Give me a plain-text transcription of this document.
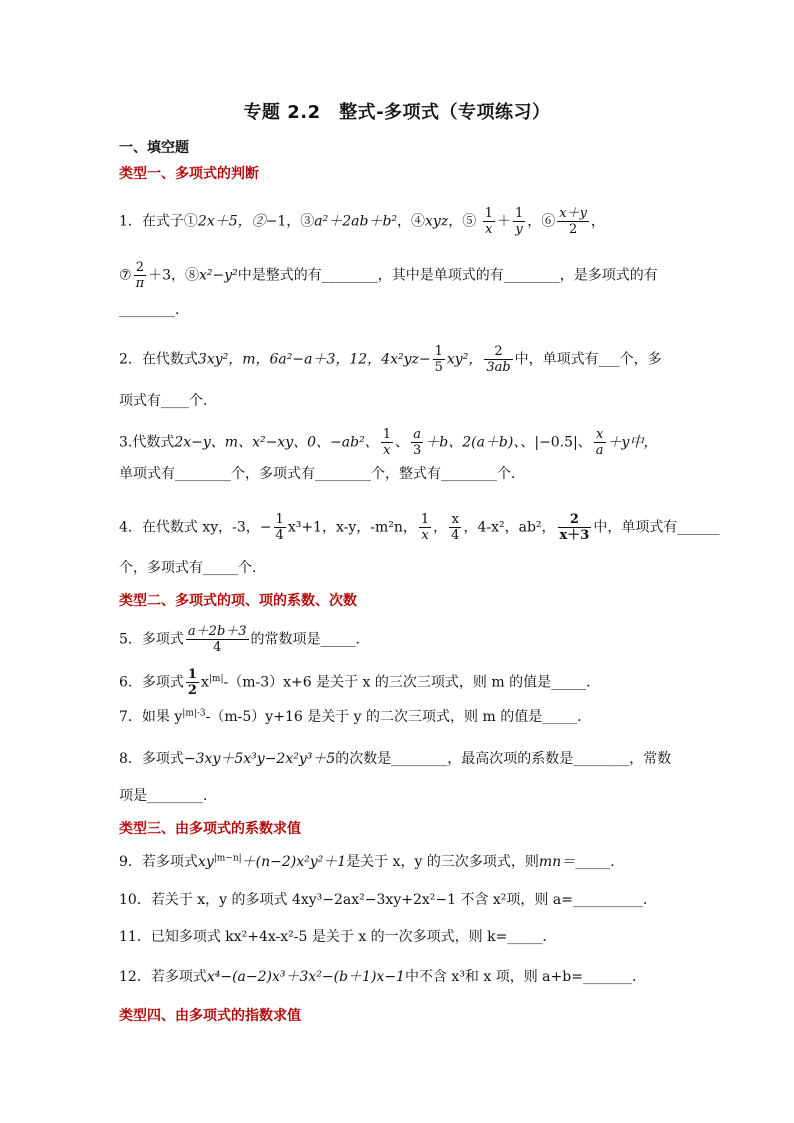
专题 2.2　整式-多项式（专项练习）
一、填空题
类型一、多项式的判断
1．在式子①2x＋5，②−1，③a²＋2ab＋b²，④xyz，⑤ $\frac{1}{x} + \frac{1}{y}$ ，⑥ $\frac{x+y}{2}$ ，
⑦ $\frac{2}{\pi} +3$，⑧x²−y²中是整式的有________，其中是单项式的有________，是多项式的有
________．
2．在代数式3xy²，m，6a²−a＋3，12，$4x^2yz- \frac{1}{5} xy^2$， $\frac{2}{3ab}$ 中，单项式有___个，多
项式有____个．
3.代数式2x−y、m、x²−xy、0、−ab²、 $\frac{1}{x}$ 、 $\frac{a}{3} +b$、2(a＋b)、、|−0.5|、 $\frac{x}{a} +y$中，
单项式有________个，多项式有________个，整式有________个．
4．在代数式 xy，-3，− $\frac{1}{4} x^3+1$，x-y，-m²n， $\frac{1}{x}$ ， $\frac{x}{4}$ ，4-x²，ab²， $\frac{2}{x+3}$ 中，单项式有______
个，多项式有_____个．
类型二、多项式的项、项的系数、次数
5．多项式 $\frac{a+2b+3}{4}$ 的常数项是_____．
6．多项式 $\frac{1}{2} x^{|m|}-(m-3)x+6$ 是关于 x 的三次三项式，则 m 的值是_____．
7．如果 $y^{|m|-3}-(m-5)y+16$ 是关于 y 的二次三项式，则 m 的值是_____．
8．多项式−3xy＋5x³y−2x²y³＋5的次数是________，最高次项的系数是________，常数
项是________.
类型三、由多项式的系数求值
9．若多项式$xy^{|m-n|}+(n-2)x^2y^2+1$是关于 x，y 的三次多项式，则mn＝_____．
10．若关于 x，y 的多项式 4xy³−2ax²−3xy+2x²−1 不含 x²项，则 a=__________．
11．已知多项式 kx²+4x-x²-5 是关于 x 的一次多项式，则 k=_____．
12．若多项式x⁴−(a−2)x³＋3x²−(b＋1)x−1中不含 x³和 x 项，则 a+b=_______.
类型四、由多项式的指数求值
